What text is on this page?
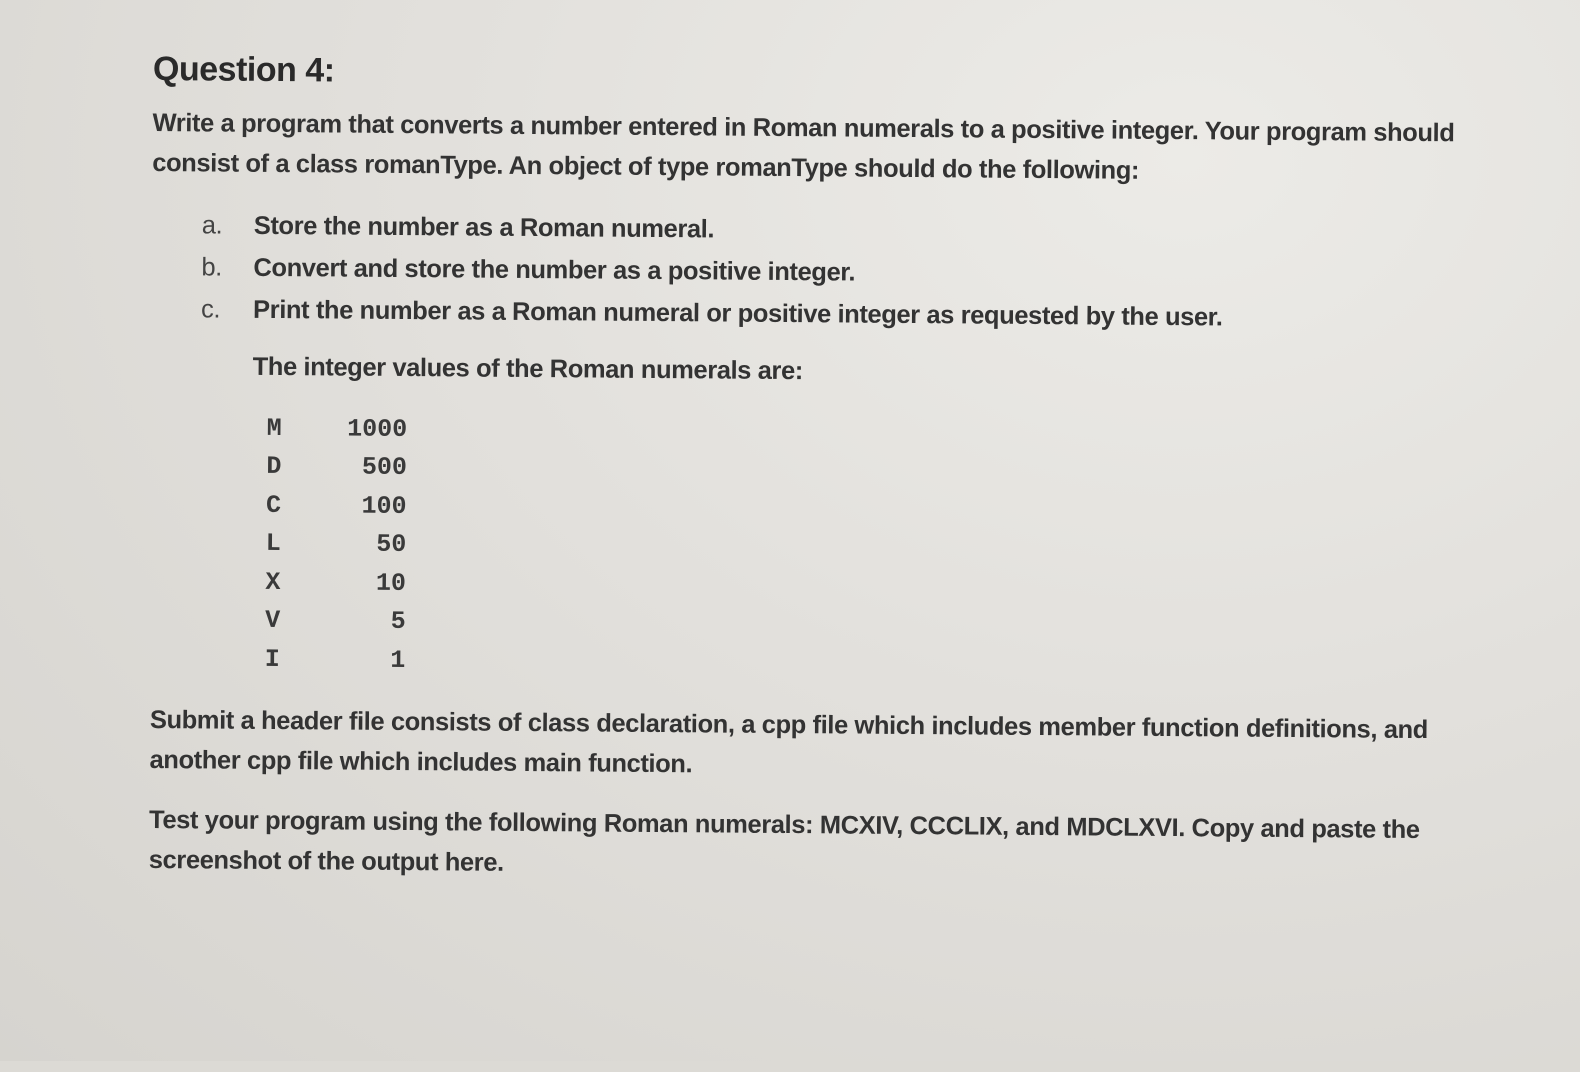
Question 4:
Write a program that converts a number entered in Roman numerals to a positive integer. Your program should consist of a class romanType. An object of type romanType should do the following:
a. Store the number as a Roman numeral.
b. Convert and store the number as a positive integer.
c. Print the number as a Roman numeral or positive integer as requested by the user.
The integer values of the Roman numerals are:
M	1000
D	500
C	100
L	50
X	10
V	5
I	1
Submit a header file consists of class declaration, a cpp file which includes member function definitions, and another cpp file which includes main function.
Test your program using the following Roman numerals: MCXIV, CCCLIX, and MDCLXVI. Copy and paste the screenshot of the output here.
